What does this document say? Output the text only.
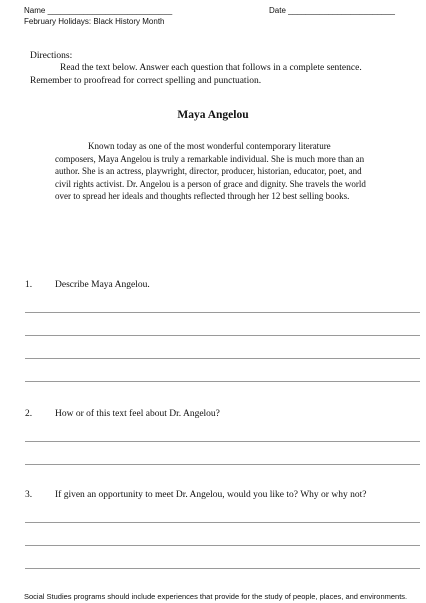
Name ____________________________	Date ________________________
February Holidays: Black History Month
Directions:
Read the text below. Answer each question that follows in a complete sentence.
Remember to proofread for correct spelling and punctuation.
Maya Angelou

Known today as one of the most wonderful contemporary literature composers, Maya Angelou is truly a remarkable individual. She is much more than an author. She is an actress, playwright, director, producer, historian, educator, poet, and civil rights activist. Dr. Angelou is a person of grace and dignity. She travels the world over to spread her ideals and thoughts reflected through her 12 best selling books.

1. Describe Maya Angelou.
2. How or of this text feel about Dr. Angelou?
3. If given an opportunity to meet Dr. Angelou, would you like to? Why or why not?
Social Studies programs should include experiences that provide for the study of people, places, and environments.
